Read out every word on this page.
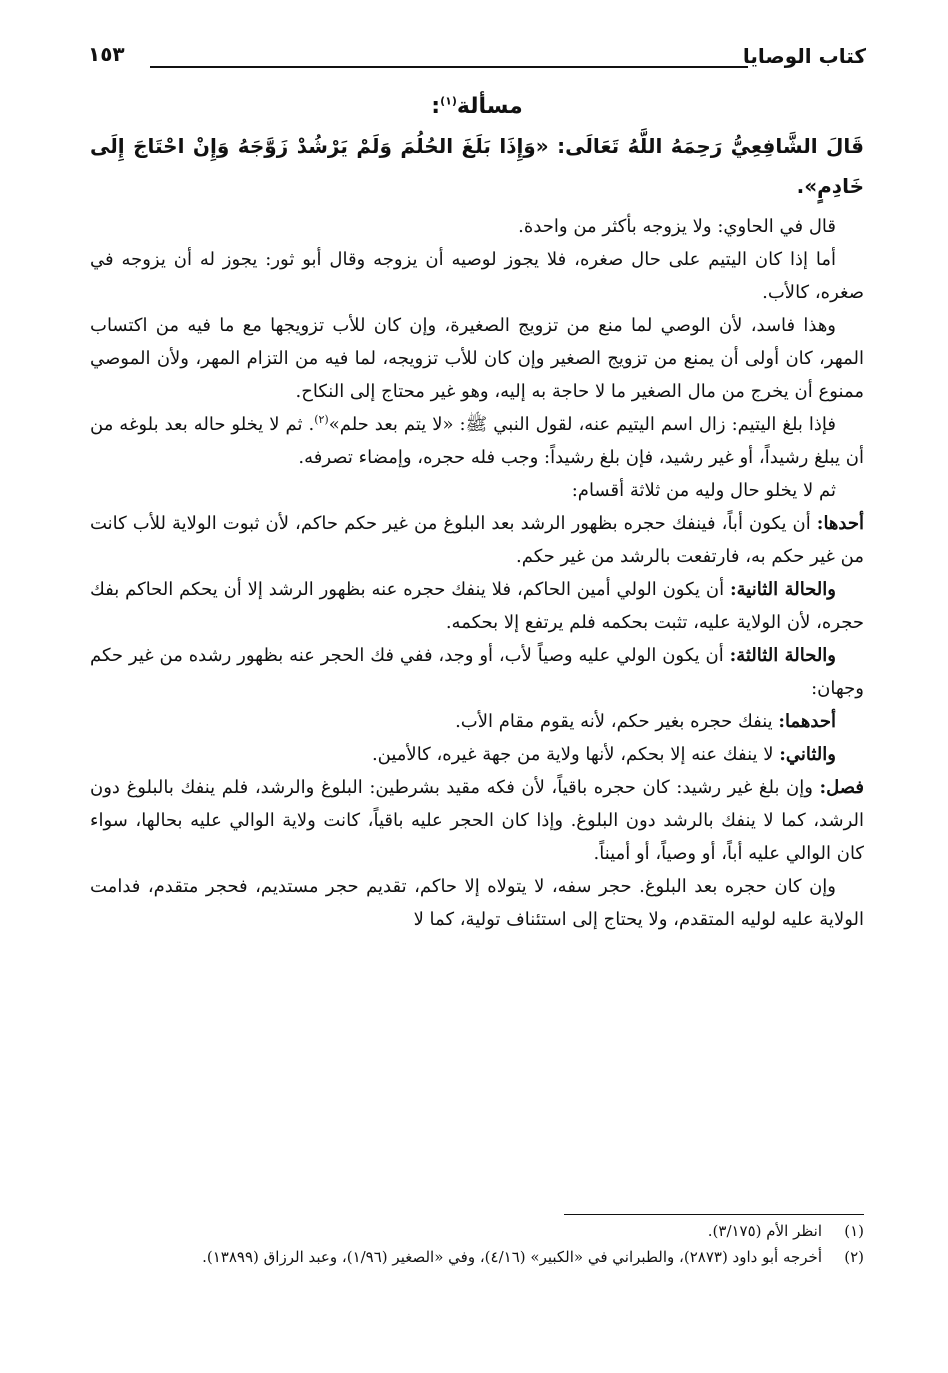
كتاب الوصايا
١٥٣

مسألة$^{(١)}$:

قَالَ الشَّافِعِيُّ رَحِمَهُ اللَّهُ تَعَالَى: «وَإِذَا بَلَغَ الحُلُمَ وَلَمْ يَرْشُدْ زَوَّجَهُ وَإِنْ احْتَاجَ إِلَى خَادِمٍ».

قال في الحاوي: ولا يزوجه بأكثر من واحدة.

أما إذا كان اليتيم على حال صغره، فلا يجوز لوصيه أن يزوجه وقال أبو ثور: يجوز له أن يزوجه في صغره، كالأب.

وهذا فاسد، لأن الوصي لما منع من تزويج الصغيرة، وإن كان للأب تزويجها مع ما فيه من اكتساب المهر، كان أولى أن يمنع من تزويج الصغير وإن كان للأب تزويجه، لما فيه من التزام المهر، ولأن الموصي ممنوع أن يخرج من مال الصغير ما لا حاجة به إليه، وهو غير محتاج إلى النكاح.

فإذا بلغ اليتيم: زال اسم اليتيم عنه، لقول النبي ﷺ: «لا يتم بعد حلم»$^{(٢)}$. ثم لا يخلو حاله بعد بلوغه من أن يبلغ رشيداً، أو غير رشيد، فإن بلغ رشيداً: وجب فله حجره، وإمضاء تصرفه.

ثم لا يخلو حال وليه من ثلاثة أقسام:

أحدها: أن يكون أباً، فينفك حجره بظهور الرشد بعد البلوغ من غير حكم حاكم، لأن ثبوت الولاية للأب كانت من غير حكم به، فارتفعت بالرشد من غير حكم.

والحالة الثانية: أن يكون الولي أمين الحاكم، فلا ينفك حجره عنه بظهور الرشد إلا أن يحكم الحاكم بفك حجره، لأن الولاية عليه، تثبت بحكمه فلم يرتفع إلا بحكمه.

والحالة الثالثة: أن يكون الولي عليه وصياً لأب، أو وجد، ففي فك الحجر عنه بظهور رشده من غير حكم وجهان:

أحدهما: ينفك حجره بغير حكم، لأنه يقوم مقام الأب.

والثاني: لا ينفك عنه إلا بحكم، لأنها ولاية من جهة غيره، كالأمين.

فصل: وإن بلغ غير رشيد: كان حجره باقياً، لأن فكه مقيد بشرطين: البلوغ والرشد، فلم ينفك بالبلوغ دون الرشد، كما لا ينفك بالرشد دون البلوغ. وإذا كان الحجر عليه باقياً، كانت ولاية الوالي عليه بحالها، سواء كان الوالي عليه أباً، أو وصياً، أو أميناً.

وإن كان حجره بعد البلوغ. حجر سفه، لا يتولاه إلا حاكم، تقديم حجر مستديم، فحجر متقدم، فدامت الولاية عليه لوليه المتقدم، ولا يحتاج إلى استئناف تولية، كما لا

(١)
انظر الأم (٣/١٧٥).

(٢)
أخرجه أبو داود (٢٨٧٣)، والطبراني في «الكبير» (٤/١٦)، وفي «الصغير (١/٩٦)، وعبد الرزاق (١٣٨٩٩).
